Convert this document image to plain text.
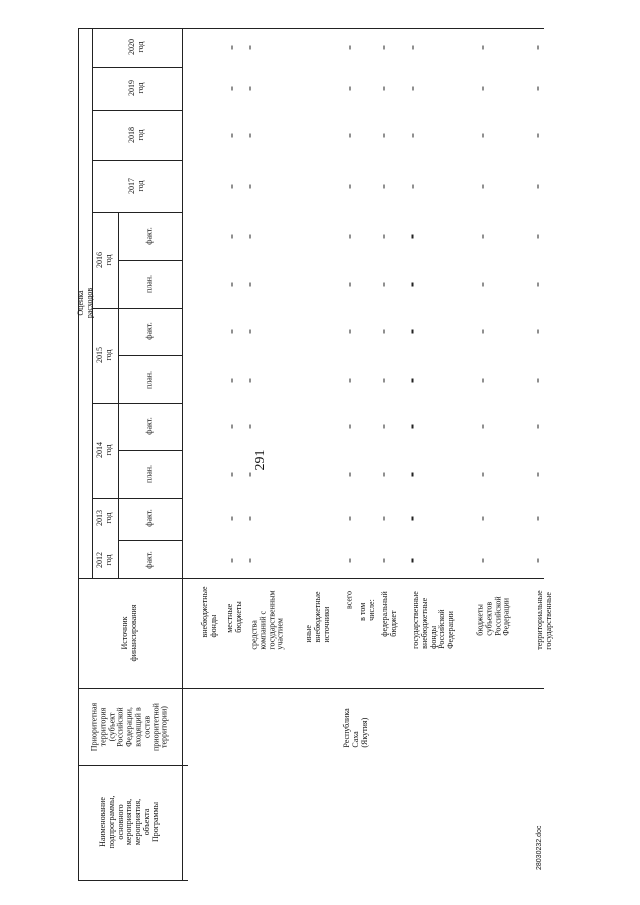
291
28030232.doc
Наименование
подпрограммы,
основного мероприятия,
мероприятия, объекта
Программы
Приоритетная
территория
(субъект
Российской
Федерации,
входящий в состав
приоритетной
территории)
Источник
финансирования
Оценка расходов
2012
год
2013
год
2014 год
2015 год
2016 год
2017 год
2018 год
2019
год
2020
год
факт.
факт.
план.
факт.
план.
факт.
план.
факт.
Республика Саха
(Якутия)
внебюджетные
фонды местные бюджеты
средства
компаний с
государственным
участием иные
внебюджетные
источники
всего
в том числе: федеральный
бюджет государственные
внебюджетные
фонды
Российской
Федерации	бюджеты
субъектов
Российской
Федерации	территориальные
государственные
